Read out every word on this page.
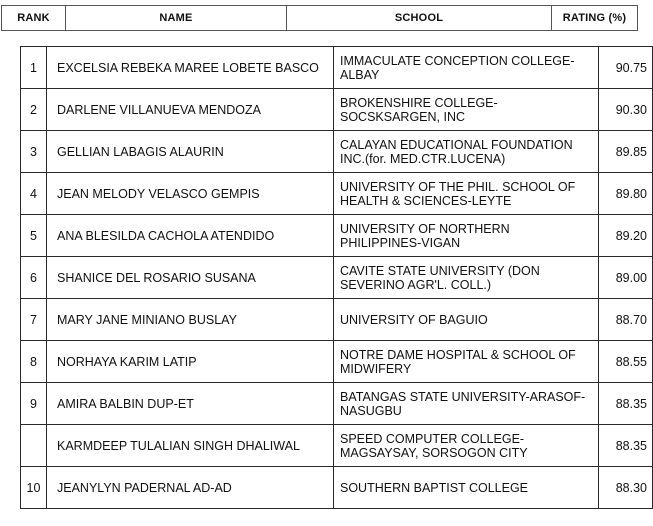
RANK	NAME	SCHOOL	RATING (%)
1	EXCELSIA REBEKA MAREE LOBETE BASCO	IMMACULATE CONCEPTION COLLEGE-ALBAY	90.75
2	DARLENE VILLANUEVA MENDOZA	BROKENSHIRE COLLEGE-SOCSKSARGEN, INC	90.30
3	GELLIAN LABAGIS ALAURIN	CALAYAN EDUCATIONAL FOUNDATION INC.(for. MED.CTR.LUCENA)	89.85
4	JEAN MELODY VELASCO GEMPIS	UNIVERSITY OF THE PHIL. SCHOOL OF HEALTH & SCIENCES-LEYTE	89.80
5	ANA BLESILDA CACHOLA ATENDIDO	UNIVERSITY OF NORTHERN PHILIPPINES-VIGAN	89.20
6	SHANICE DEL ROSARIO SUSANA	CAVITE STATE UNIVERSITY (DON SEVERINO AGR'L. COLL.)	89.00
7	MARY JANE MINIANO BUSLAY	UNIVERSITY OF BAGUIO	88.70
8	NORHAYA KARIM LATIP	NOTRE DAME HOSPITAL & SCHOOL OF MIDWIFERY	88.55
9	AMIRA BALBIN DUP-ET	BATANGAS STATE UNIVERSITY-ARASOF-NASUGBU	88.35
	KARMDEEP TULALIAN SINGH DHALIWAL	SPEED COMPUTER COLLEGE-MAGSAYSAY, SORSOGON CITY	88.35
10	JEANYLYN PADERNAL AD-AD	SOUTHERN BAPTIST COLLEGE	88.30
